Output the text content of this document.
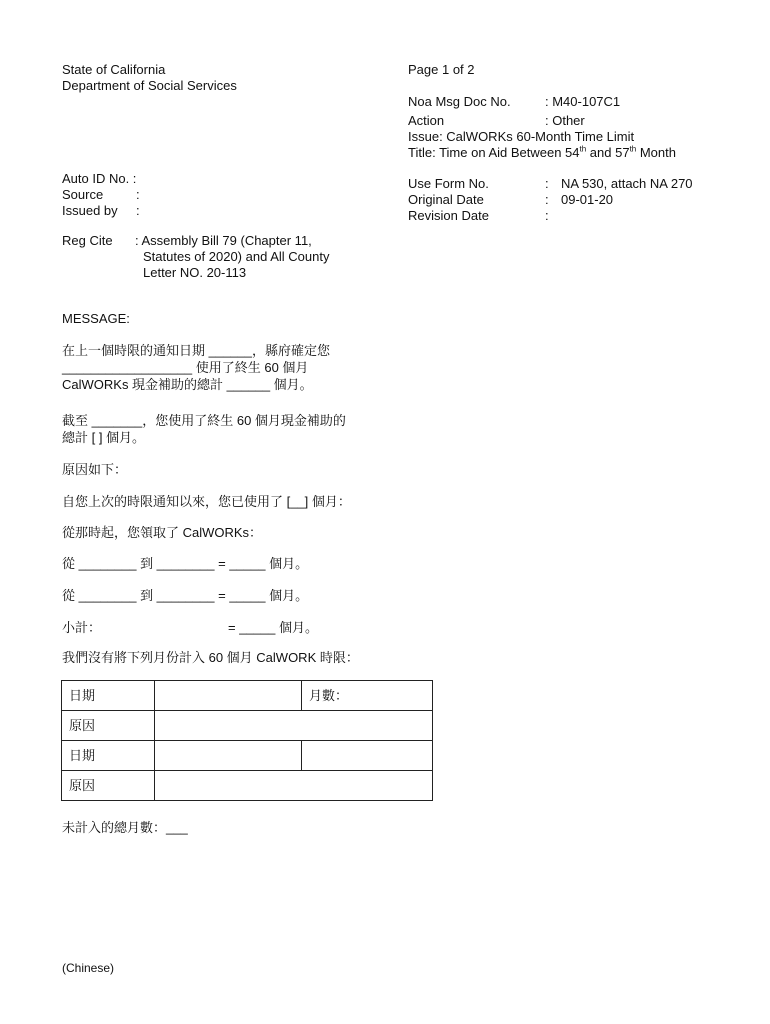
State of California
Department of Social Services
Page 1 of 2
Noa Msg Doc No.	: M40-107C1
Action	: Other
Issue: CalWORKs 60-Month Time Limit
Title: Time on Aid Between 54th and 57th Month
Auto ID No. :
Source	:
Issued by :
Use Form No.	: NA 530, attach NA 270
Original Date	: 09-01-20
Revision Date	:
Reg Cite : Assembly Bill 79 (Chapter 11,
Statutes of 2020) and All County
Letter NO. 20-113
MESSAGE:
在上一個時限的通知日期 ______，縣府確定您
__________________ 使用了終生 60 個月
CalWORKs 現金補助的總計 ______ 個月。
截至 _______，您使用了終生 60 個月現金補助的
總計 [ ] 個月。
原因如下：
自您上次的時限通知以來，您已使用了 [__] 個月：
從那時起，您領取了 CalWORKs：
從 ________ 到 ________ = _____ 個月。
從 ________ 到 ________ = _____ 個月。
小計：	= _____ 個月。
我們沒有將下列月份計入 60 個月 CalWORK 時限：
日期		月數：
原因		
日期		
原因		
未計入的總月數：___
(Chinese)
